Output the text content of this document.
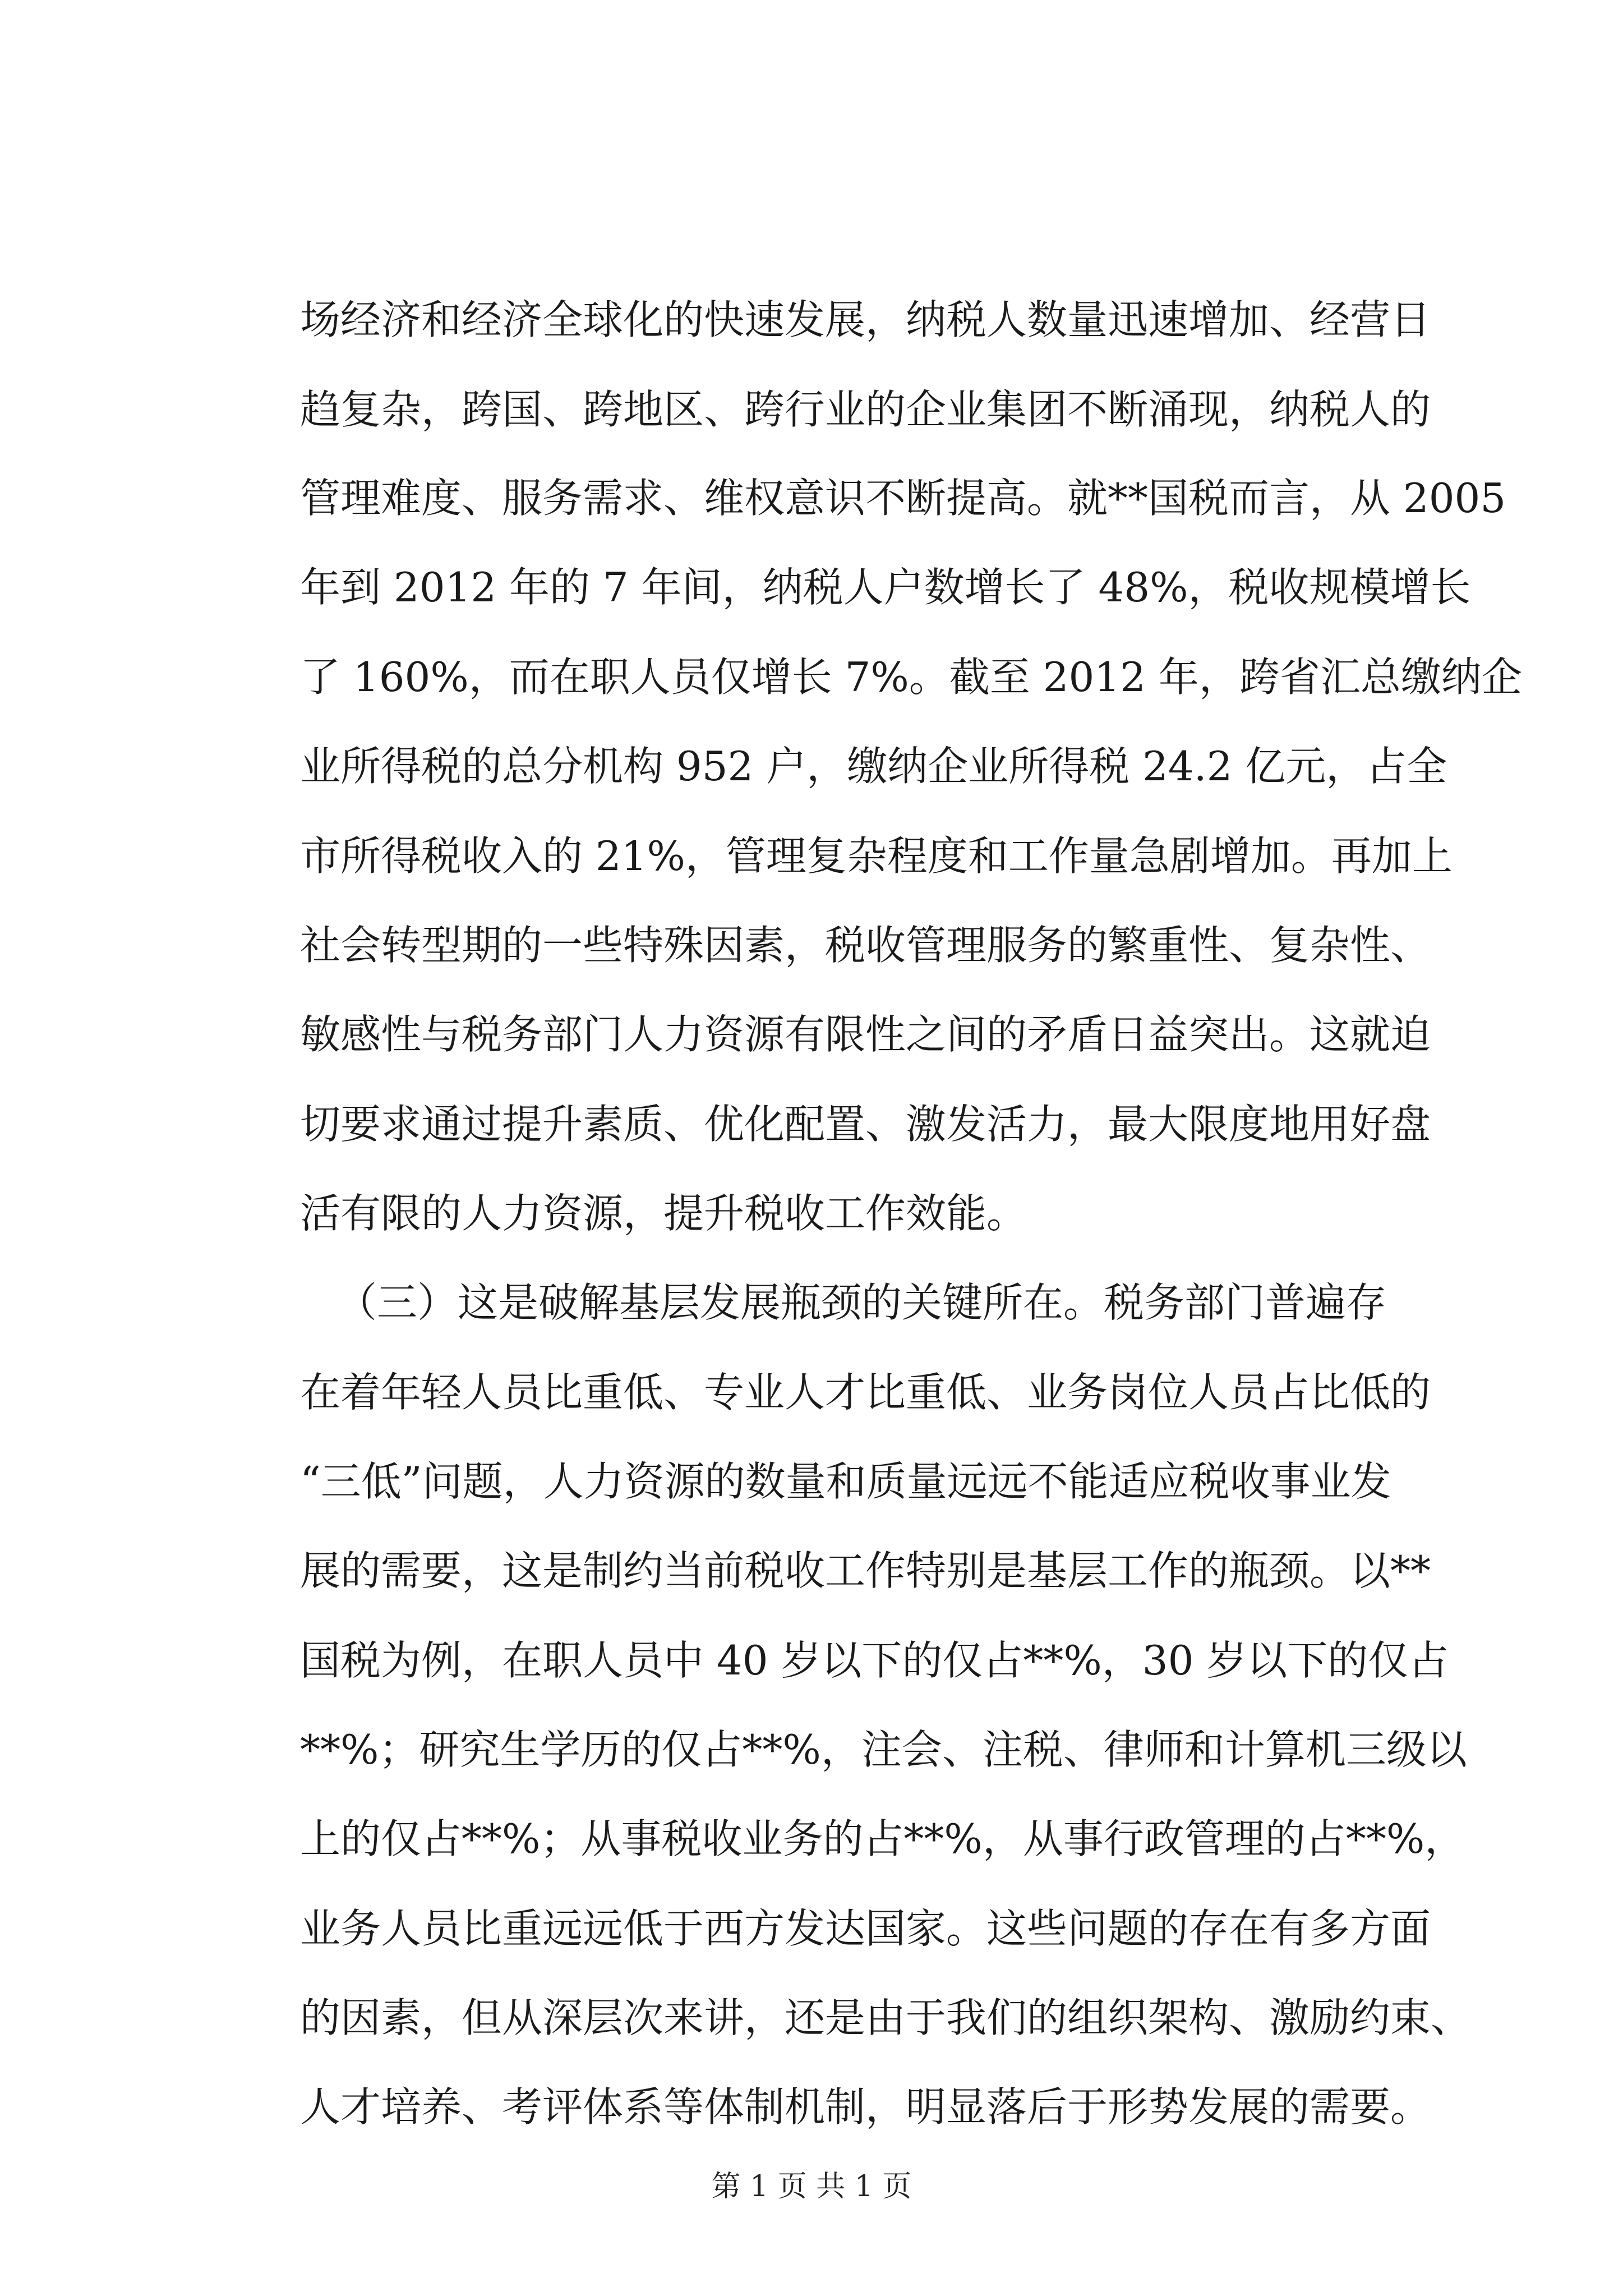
场经济和经济全球化的快速发展，纳税人数量迅速增加、经营日
趋复杂，跨国、跨地区、跨行业的企业集团不断涌现，纳税人的
管理难度、服务需求、维权意识不断提高。就**国税而言，从 2005
年到 2012 年的 7 年间，纳税人户数增长了 48%，税收规模增长
了 160%，而在职人员仅增长 7%。截至 2012 年，跨省汇总缴纳企
业所得税的总分机构 952 户，缴纳企业所得税 24.2 亿元，占全
市所得税收入的 21%，管理复杂程度和工作量急剧增加。再加上
社会转型期的一些特殊因素，税收管理服务的繁重性、复杂性、
敏感性与税务部门人力资源有限性之间的矛盾日益突出。这就迫
切要求通过提升素质、优化配置、激发活力，最大限度地用好盘
活有限的人力资源，提升税收工作效能。
（三）这是破解基层发展瓶颈的关键所在。税务部门普遍存
在着年轻人员比重低、专业人才比重低、业务岗位人员占比低的
“三低”问题，人力资源的数量和质量远远不能适应税收事业发
展的需要，这是制约当前税收工作特别是基层工作的瓶颈。以**
国税为例，在职人员中 40 岁以下的仅占**%，30 岁以下的仅占
**%；研究生学历的仅占**%，注会、注税、律师和计算机三级以
上的仅占**%；从事税收业务的占**%，从事行政管理的占**%，
业务人员比重远远低于西方发达国家。这些问题的存在有多方面
的因素，但从深层次来讲，还是由于我们的组织架构、激励约束、
人才培养、考评体系等体制机制，明显落后于形势发展的需要。
第 1 页 共 1 页
